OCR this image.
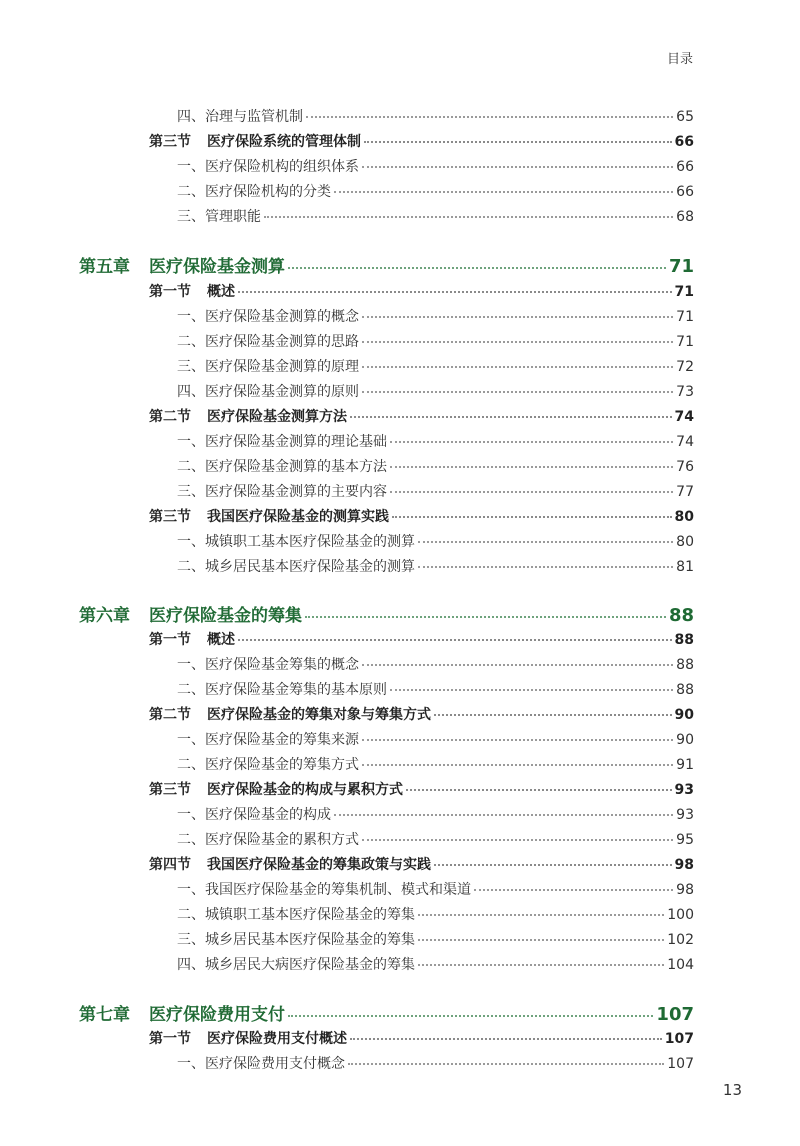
目录
四、治理与监管机制	65
第三节	医疗保险系统的管理体制	66
一、医疗保险机构的组织体系	66
二、医疗保险机构的分类	66
三、管理职能	68
第五章	医疗保险基金测算	71
第一节	概述	71
一、医疗保险基金测算的概念	71
二、医疗保险基金测算的思路	71
三、医疗保险基金测算的原理	72
四、医疗保险基金测算的原则	73
第二节	医疗保险基金测算方法	74
一、医疗保险基金测算的理论基础	74
二、医疗保险基金测算的基本方法	76
三、医疗保险基金测算的主要内容	77
第三节	我国医疗保险基金的测算实践	80
一、城镇职工基本医疗保险基金的测算	80
二、城乡居民基本医疗保险基金的测算	81
第六章	医疗保险基金的筹集	88
第一节	概述	88
一、医疗保险基金筹集的概念	88
二、医疗保险基金筹集的基本原则	88
第二节	医疗保险基金的筹集对象与筹集方式	90
一、医疗保险基金的筹集来源	90
二、医疗保险基金的筹集方式	91
第三节	医疗保险基金的构成与累积方式	93
一、医疗保险基金的构成	93
二、医疗保险基金的累积方式	95
第四节	我国医疗保险基金的筹集政策与实践	98
一、我国医疗保险基金的筹集机制、模式和渠道	98
二、城镇职工基本医疗保险基金的筹集	100
三、城乡居民基本医疗保险基金的筹集	102
四、城乡居民大病医疗保险基金的筹集	104
第七章	医疗保险费用支付	107
第一节	医疗保险费用支付概述	107
一、医疗保险费用支付概念	107
13
